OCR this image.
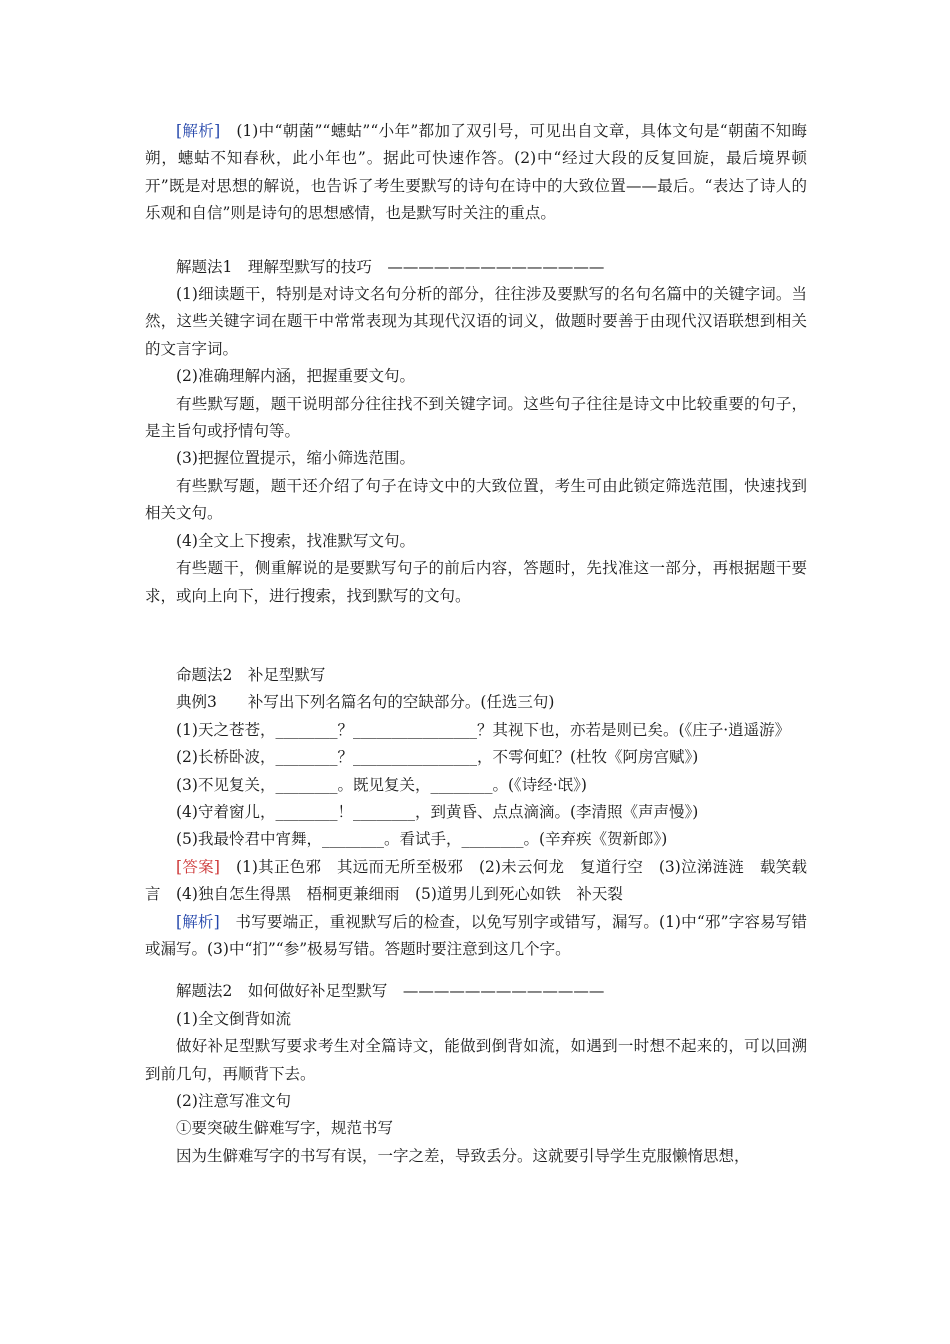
[解析]　(1)中“朝菌”“蟪蛄”“小年”都加了双引号，可见出自文章，具体文句是“朝菌不知晦朔，蟪蛄不知春秋，此小年也”。据此可快速作答。(2)中“经过大段的反复回旋，最后境界顿开”既是对思想的解说，也告诉了考生要默写的诗句在诗中的大致位置——最后。“表达了诗人的乐观和自信”则是诗句的思想感情，也是默写时关注的重点。

解题法1　理解型默写的技巧　——————————————

(1)细读题干，特别是对诗文名句分析的部分，往往涉及要默写的名句名篇中的关键字词。当然，这些关键字词在题干中常常表现为其现代汉语的词义，做题时要善于由现代汉语联想到相关的文言字词。

(2)准确理解内涵，把握重要文句。

有些默写题，题干说明部分往往找不到关键字词。这些句子往往是诗文中比较重要的句子，是主旨句或抒情句等。

(3)把握位置提示，缩小筛选范围。

有些默写题，题干还介绍了句子在诗文中的大致位置，考生可由此锁定筛选范围，快速找到相关文句。

(4)全文上下搜索，找准默写文句。

有些题干，侧重解说的是要默写句子的前后内容，答题时，先找准这一部分，再根据题干要求，或向上向下，进行搜索，找到默写的文句。

命题法2　补足型默写

典例3　　补写出下列名篇名句的空缺部分。(任选三句)

(1)天之苍苍，________？________________？其视下也，亦若是则已矣。(《庄子·逍遥游》

(2)长桥卧波，________？________________，不雩何虹？(杜牧《阿房宫赋》)

(3)不见复关，________。既见复关，________。(《诗经·氓》)

(4)守着窗儿，________！________，到黄昏、点点滴滴。(李清照《声声慢》)

(5)我最怜君中宵舞，________。看试手，________。(辛弃疾《贺新郎》)

[答案]　(1)其正色邪　其远而无所至极邪　(2)未云何龙　复道行空　(3)泣涕涟涟　载笑载言　(4)独自怎生得黑　梧桐更兼细雨　(5)道男儿到死心如铁　补天裂

[解析]　书写要端正，重视默写后的检查，以免写别字或错写，漏写。(1)中“邪”字容易写错或漏写。(3)中“扪”“参”极易写错。答题时要注意到这几个字。

解题法2　如何做好补足型默写　—————————————

(1)全文倒背如流

做好补足型默写要求考生对全篇诗文，能做到倒背如流，如遇到一时想不起来的，可以回溯到前几句，再顺背下去。

(2)注意写准文句

①要突破生僻难写字，规范书写

因为生僻难写字的书写有误，一字之差，导致丢分。这就要引导学生克服懒惰思想，
